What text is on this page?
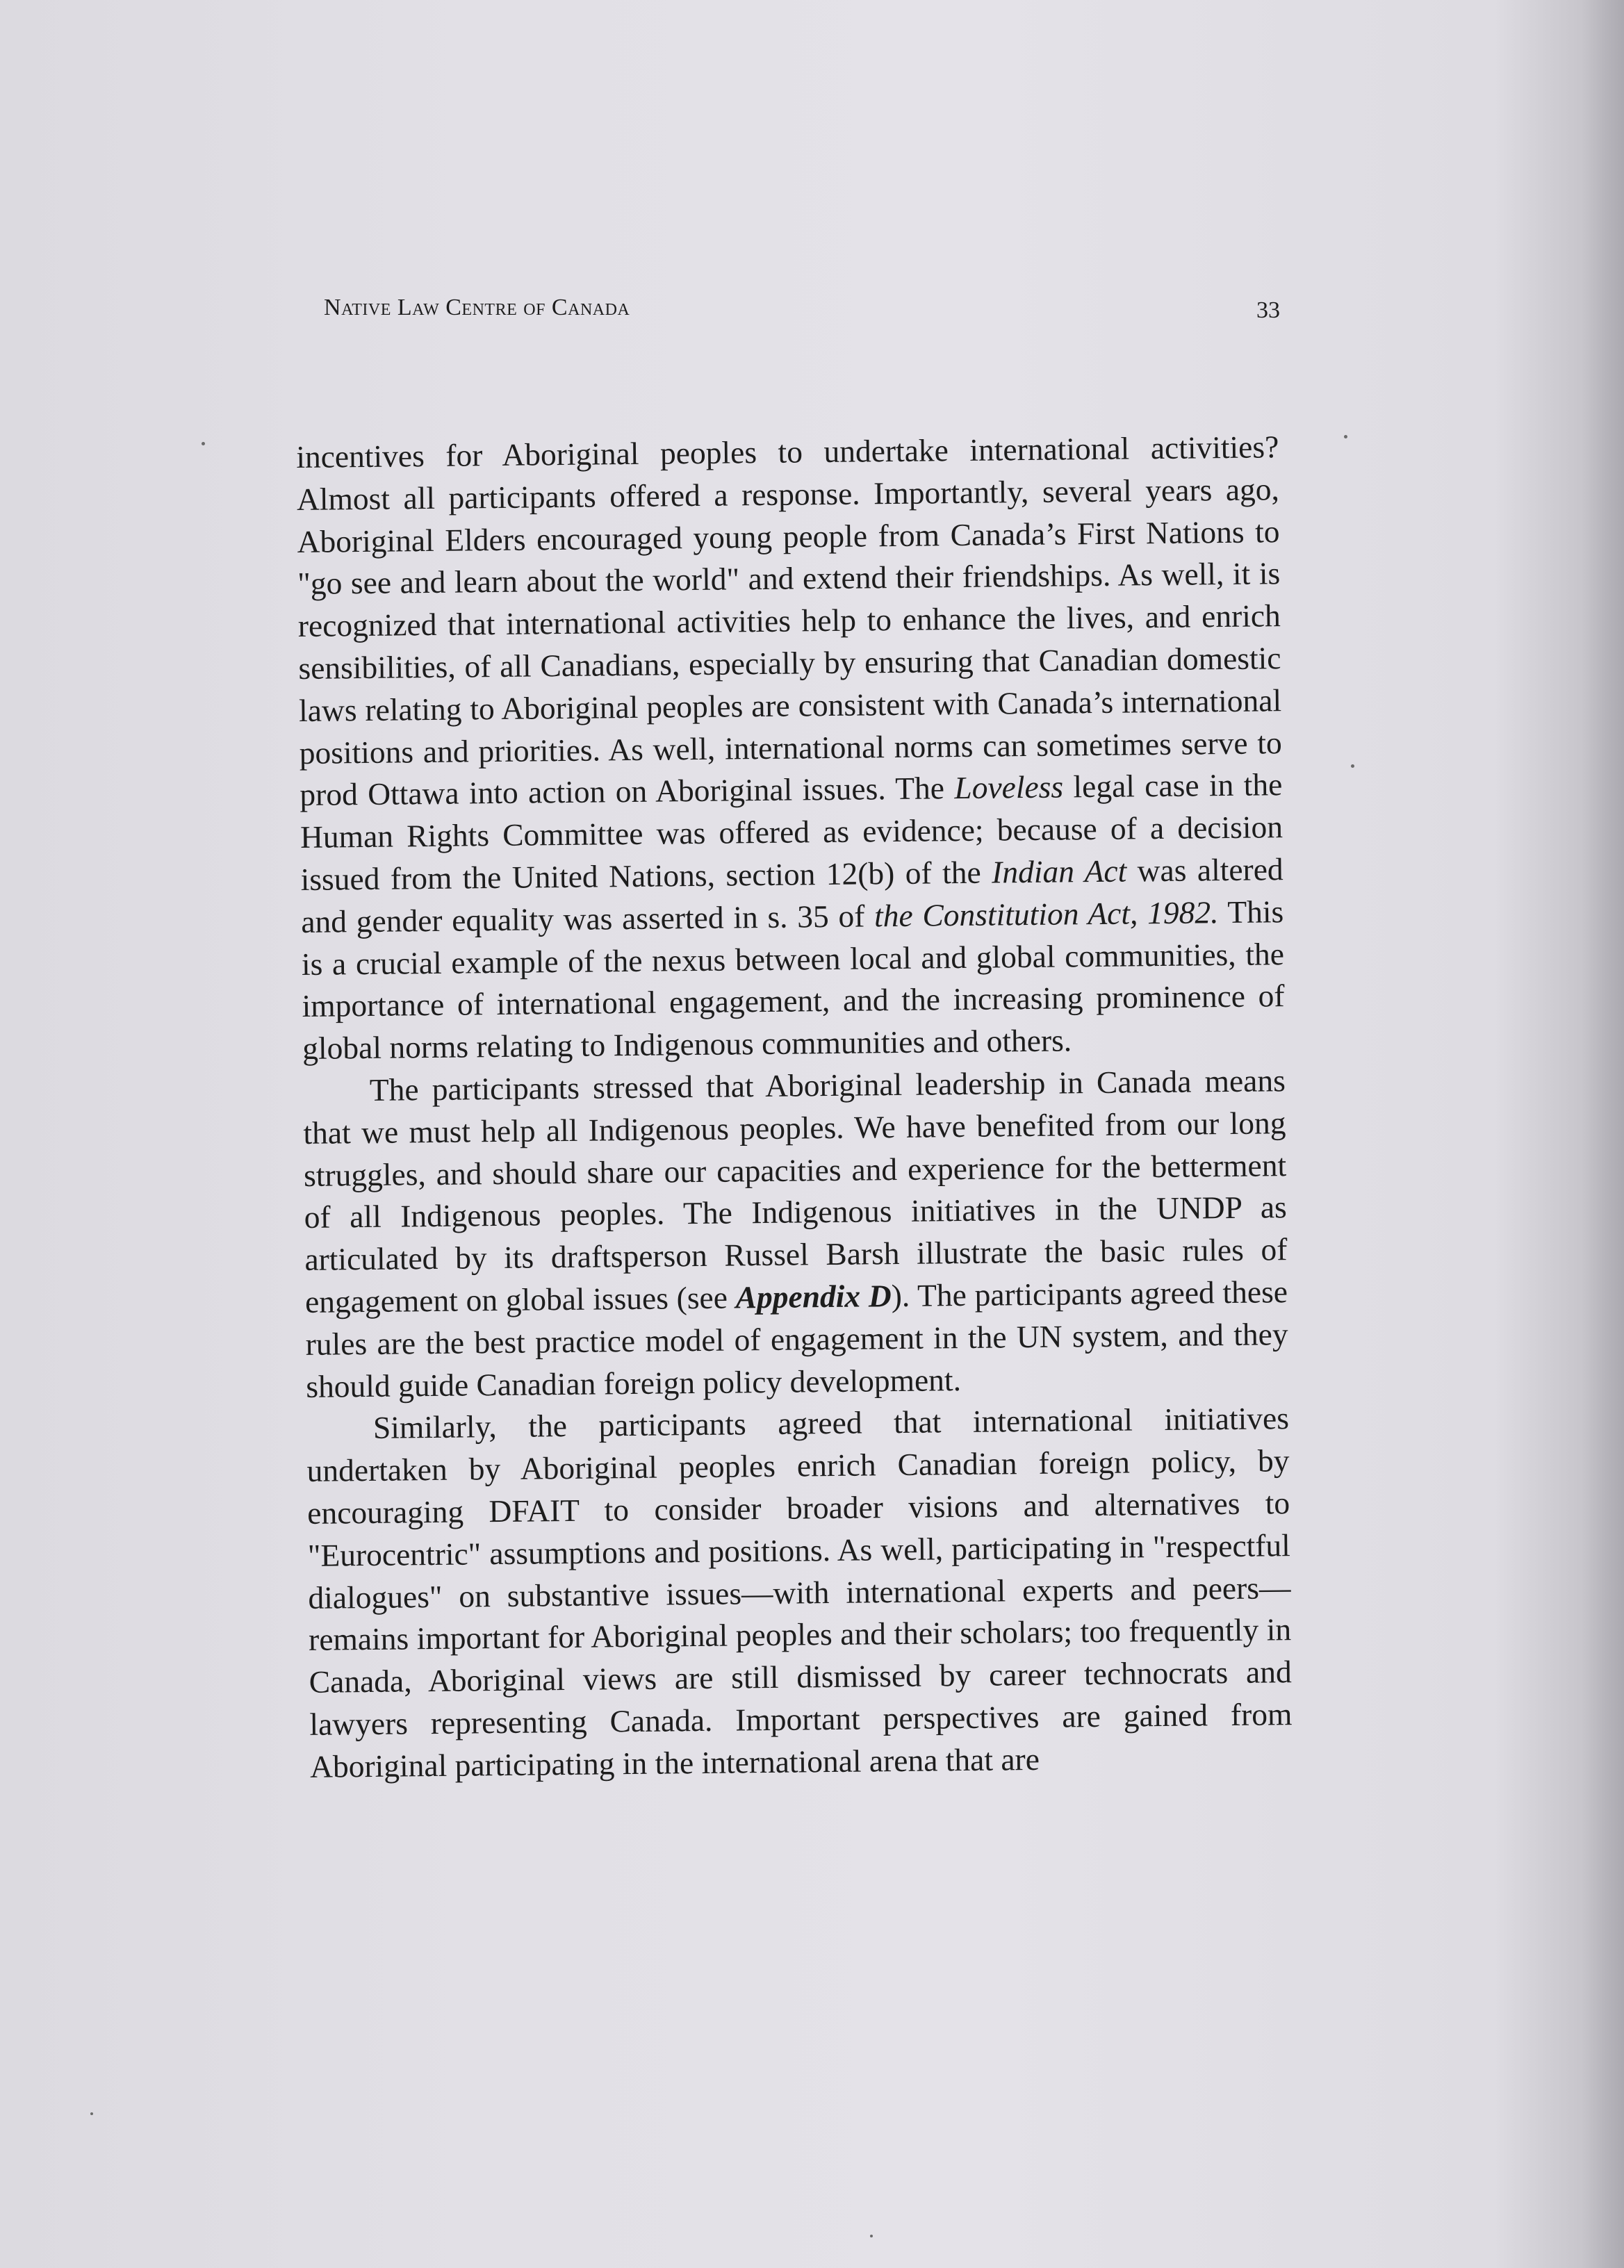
Native Law Centre of Canada	33

incentives for Aboriginal peoples to undertake international activities? Almost all participants offered a response. Importantly, several years ago, Aboriginal Elders encouraged young people from Canada’s First Nations to "go see and learn about the world" and extend their friendships. As well, it is recognized that international activities help to enhance the lives, and enrich sensibilities, of all Canadians, especially by ensuring that Canadian domestic laws relating to Aboriginal peoples are consistent with Canada’s international positions and priorities. As well, international norms can sometimes serve to prod Ottawa into action on Aboriginal issues. The Loveless legal case in the Human Rights Committee was offered as evidence; because of a decision issued from the United Nations, section 12(b) of the Indian Act was altered and gender equality was asserted in s. 35 of the Constitution Act, 1982. This is a crucial example of the nexus between local and global communities, the importance of international engagement, and the increasing prominence of global norms relating to Indigenous communities and others.

The participants stressed that Aboriginal leadership in Canada means that we must help all Indigenous peoples. We have benefited from our long struggles, and should share our capacities and experience for the betterment of all Indigenous peoples. The Indigenous initiatives in the UNDP as articulated by its draftsperson Russel Barsh illustrate the basic rules of engagement on global issues (see Appendix D). The participants agreed these rules are the best practice model of engagement in the UN system, and they should guide Canadian foreign policy development.

Similarly, the participants agreed that international initiatives undertaken by Aboriginal peoples enrich Canadian foreign policy, by encouraging DFAIT to consider broader visions and alternatives to "Eurocentric" assumptions and positions. As well, participating in "respectful dialogues" on substantive issues—with international experts and peers—remains important for Aboriginal peoples and their scholars; too frequently in Canada, Aboriginal views are still dismissed by career technocrats and lawyers representing Canada. Important perspectives are gained from Aboriginal participating in the international arena that are
